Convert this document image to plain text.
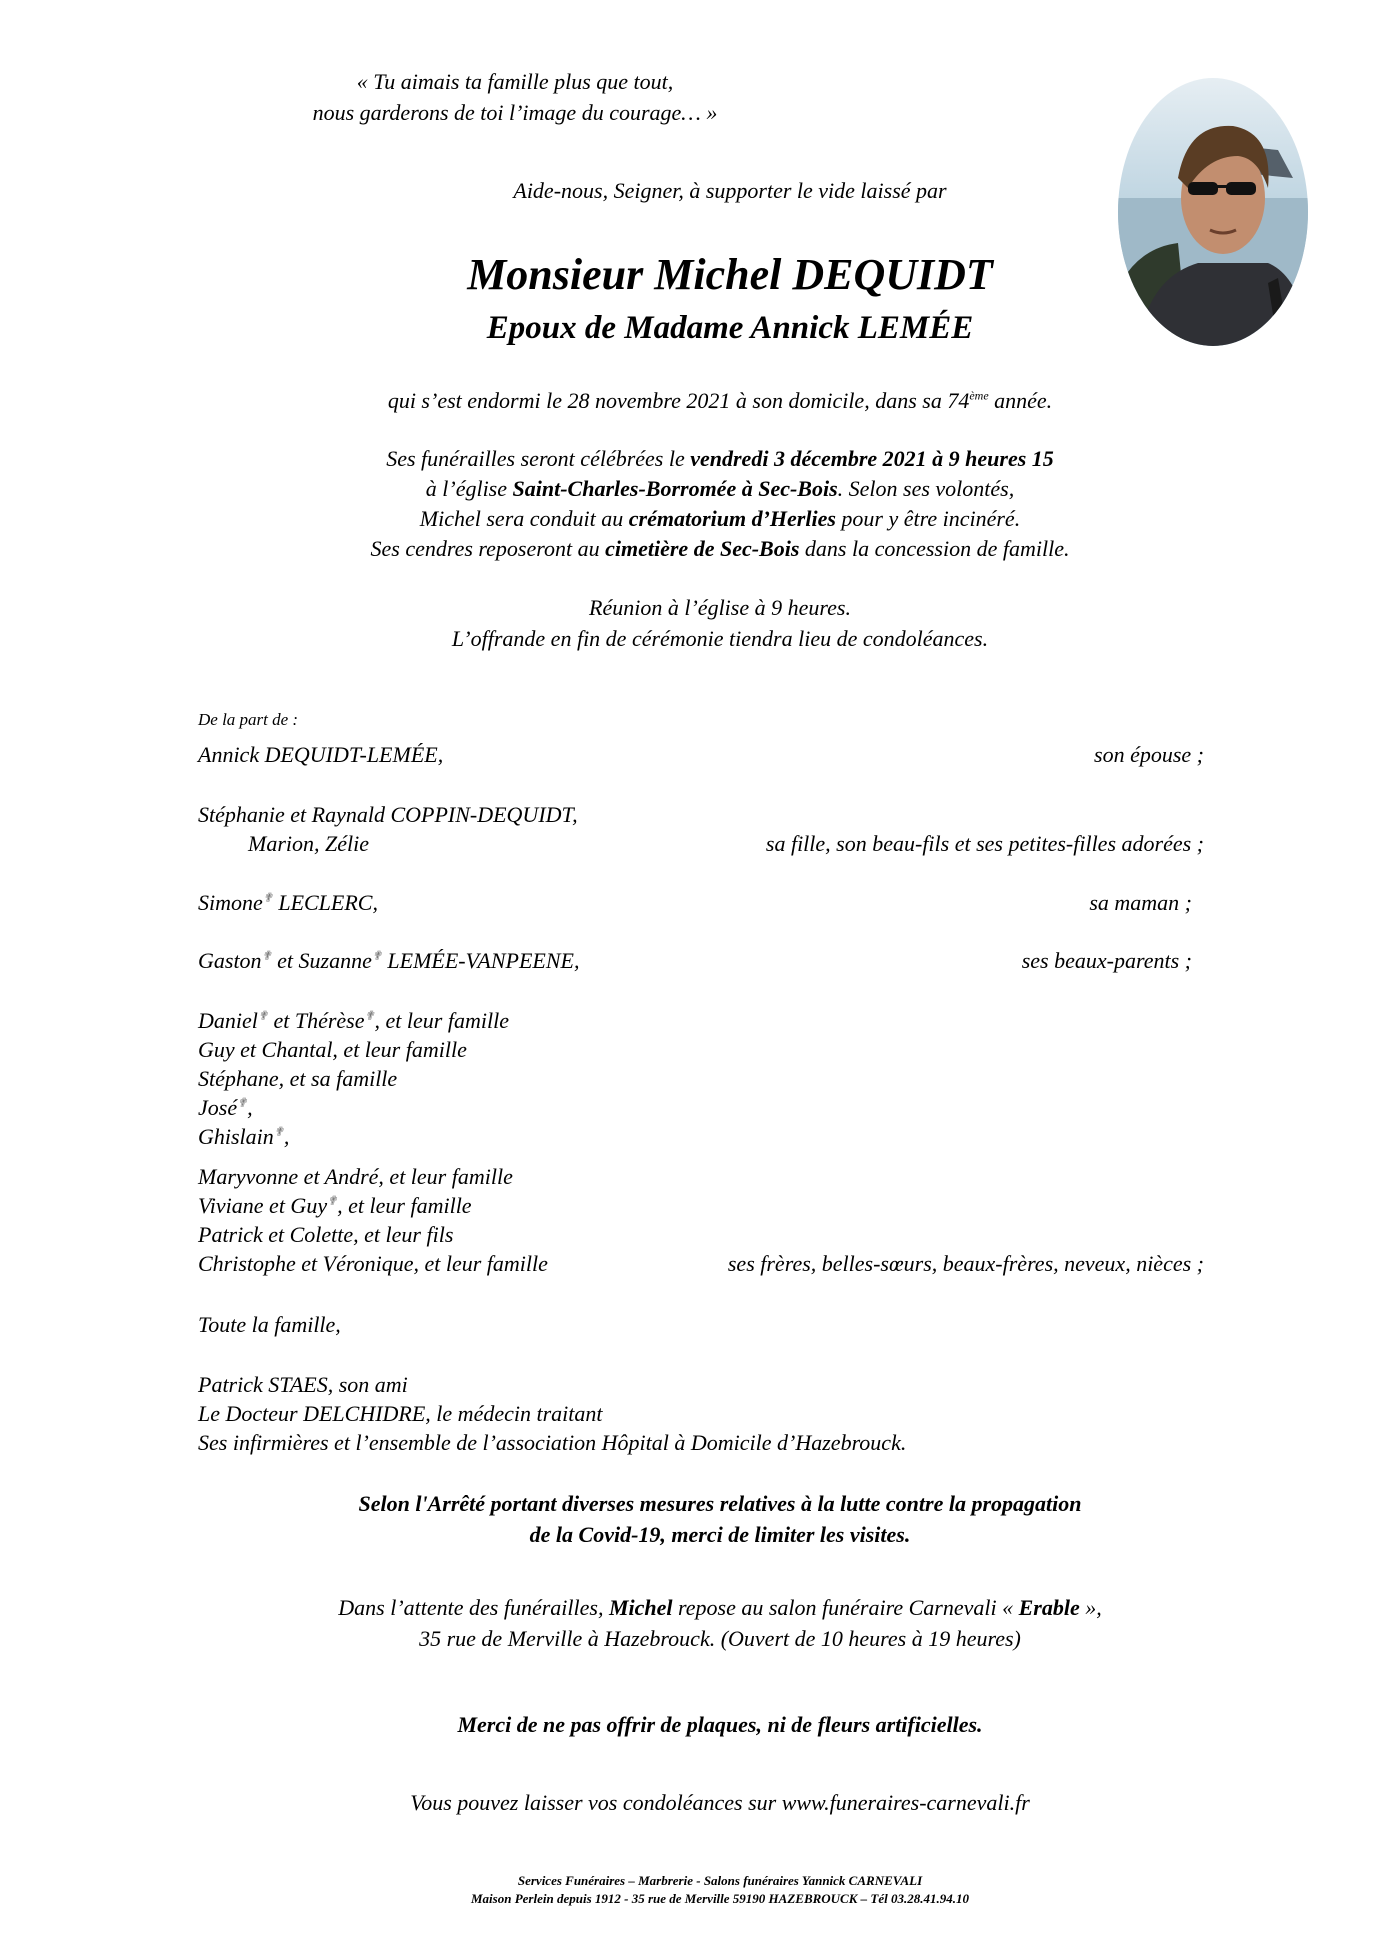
« Tu aimais ta famille plus que tout,
nous garderons de toi l’image du courage… »
Aide-nous, Seigner, à supporter le vide laissé par
Monsieur Michel DEQUIDT
Epoux de Madame Annick LEMÉE
qui s’est endormi le 28 novembre 2021 à son domicile, dans sa 74ème année.
Ses funérailles seront célébrées le vendredi 3 décembre 2021 à 9 heures 15
à l’église Saint-Charles-Borromée à Sec-Bois. Selon ses volontés,
Michel sera conduit au crématorium d’Herlies pour y être incinéré.
Ses cendres reposeront au cimetière de Sec-Bois dans la concession de famille.
Réunion à l’église à 9 heures.
L’offrande en fin de cérémonie tiendra lieu de condoléances.
De la part de :
Annick DEQUIDT-LEMÉE,	son épouse ;
Stéphanie et Raynald COPPIN-DEQUIDT,
Marion, Zélie	sa fille, son beau-fils et ses petites-filles adorées ;
Simone✟ LECLERC,	sa maman ;
Gaston✟ et Suzanne✟ LEMÉE-VANPEENE,	ses beaux-parents ;
Daniel✟ et Thérèse✟, et leur famille
Guy et Chantal, et leur famille
Stéphane, et sa famille
José✟,
Ghislain✟,
Maryvonne et André, et leur famille
Viviane et Guy✟, et leur famille
Patrick et Colette, et leur fils
Christophe et Véronique, et leur famille	ses frères, belles-sœurs, beaux-frères, neveux, nièces ;
Toute la famille,
Patrick STAES, son ami
Le Docteur DELCHIDRE, le médecin traitant
Ses infirmières et l’ensemble de l’association Hôpital à Domicile d’Hazebrouck.
Selon l'Arrêté portant diverses mesures relatives à la lutte contre la propagation
de la Covid-19, merci de limiter les visites.
Dans l’attente des funérailles, Michel repose au salon funéraire Carnevali « Erable »,
35 rue de Merville à Hazebrouck. (Ouvert de 10 heures à 19 heures)
Merci de ne pas offrir de plaques, ni de fleurs artificielles.
Vous pouvez laisser vos condoléances sur www.funeraires-carnevali.fr
Services Funéraires – Marbrerie - Salons funéraires Yannick CARNEVALI
Maison Perlein depuis 1912 - 35 rue de Merville 59190 HAZEBROUCK – Tél 03.28.41.94.10
